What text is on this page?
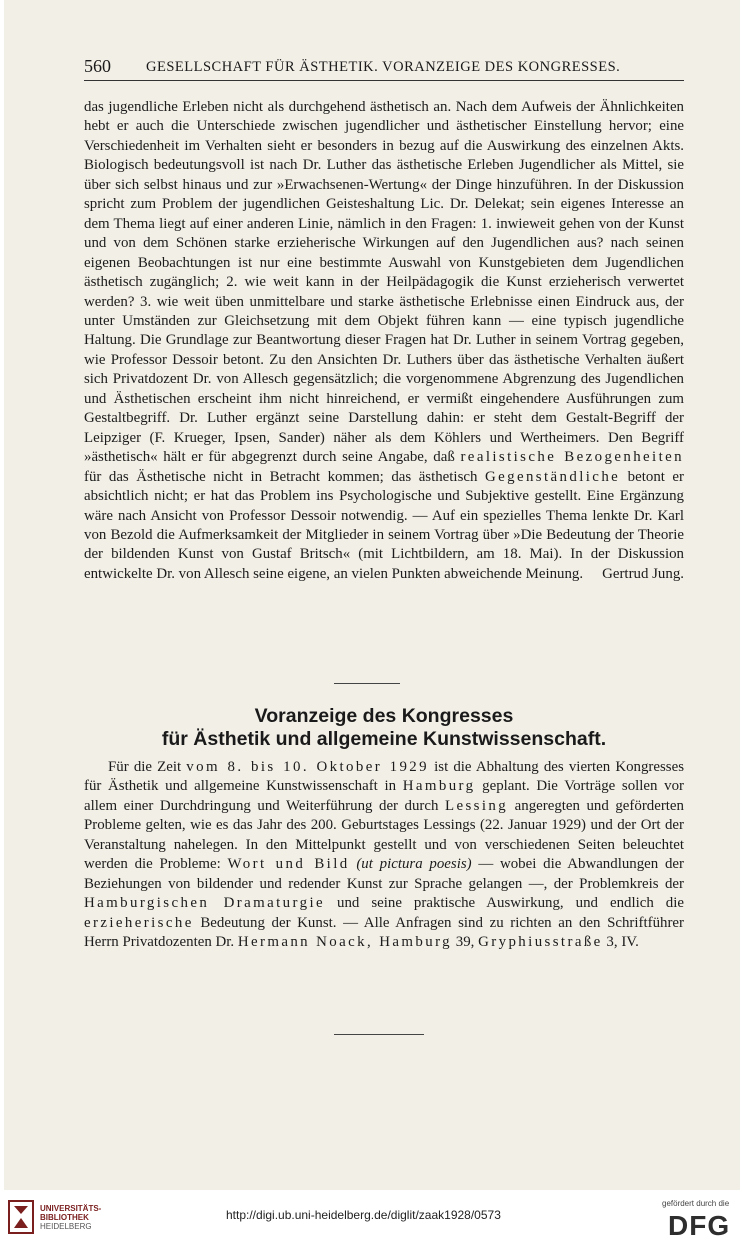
560 GESELLSCHAFT FÜR ÄSTHETIK. VORANZEIGE DES KONGRESSES.

das jugendliche Erleben nicht als durchgehend ästhetisch an. Nach dem Aufweis der Ähnlichkeiten hebt er auch die Unterschiede zwischen jugendlicher und ästhetischer Einstellung hervor; eine Verschiedenheit im Verhalten sieht er besonders in bezug auf die Auswirkung des einzelnen Akts. Biologisch bedeutungsvoll ist nach Dr. Luther das ästhetische Erleben Jugendlicher als Mittel, sie über sich selbst hinaus und zur »Erwachsenen-Wertung« der Dinge hinzuführen. In der Diskussion spricht zum Problem der jugendlichen Geisteshaltung Lic. Dr. Delekat; sein eigenes Interesse an dem Thema liegt auf einer anderen Linie, nämlich in den Fragen: 1. inwieweit gehen von der Kunst und von dem Schönen starke erzieherische Wirkungen auf den Jugendlichen aus? nach seinen eigenen Beobachtungen ist nur eine bestimmte Auswahl von Kunstgebieten dem Jugendlichen ästhetisch zugänglich; 2. wie weit kann in der Heilpädagogik die Kunst erzieherisch verwertet werden? 3. wie weit üben unmittelbare und starke ästhetische Erlebnisse einen Eindruck aus, der unter Umständen zur Gleichsetzung mit dem Objekt führen kann — eine typisch jugendliche Haltung. Die Grundlage zur Beantwortung dieser Fragen hat Dr. Luther in seinem Vortrag gegeben, wie Professor Dessoir betont. Zu den Ansichten Dr. Luthers über das ästhetische Verhalten äußert sich Privatdozent Dr. von Allesch gegensätzlich; die vorgenommene Abgrenzung des Jugendlichen und Ästhetischen erscheint ihm nicht hinreichend, er vermißt eingehendere Ausführungen zum Gestaltbegriff. Dr. Luther ergänzt seine Darstellung dahin: er steht dem Gestalt-Begriff der Leipziger (F. Krueger, Ipsen, Sander) näher als dem Köhlers und Wertheimers. Den Begriff »ästhetisch« hält er für abgegrenzt durch seine Angabe, daß realistische Bezogenheiten für das Ästhetische nicht in Betracht kommen; das ästhetisch Gegenständliche betont er absichtlich nicht; er hat das Problem ins Psychologische und Subjektive gestellt. Eine Ergänzung wäre nach Ansicht von Professor Dessoir notwendig. — Auf ein spezielles Thema lenkte Dr. Karl von Bezold die Aufmerksamkeit der Mitglieder in seinem Vortrag über »Die Bedeutung der Theorie der bildenden Kunst von Gustaf Britsch« (mit Lichtbildern, am 18. Mai). In der Diskussion entwickelte Dr. von Allesch seine eigene, an vielen Punkten abweichende Meinung. Gertrud Jung.

Voranzeige des Kongresses
für Ästhetik und allgemeine Kunstwissenschaft.

Für die Zeit vom 8. bis 10. Oktober 1929 ist die Abhaltung des vierten Kongresses für Ästhetik und allgemeine Kunstwissenschaft in Hamburg geplant. Die Vorträge sollen vor allem einer Durchdringung und Weiterführung der durch Lessing angeregten und geförderten Probleme gelten, wie es das Jahr des 200. Geburtstages Lessings (22. Januar 1929) und der Ort der Veranstaltung nahelegen. In den Mittelpunkt gestellt und von verschiedenen Seiten beleuchtet werden die Probleme: Wort und Bild (ut pictura poesis) — wobei die Abwandlungen der Beziehungen von bildender und redender Kunst zur Sprache gelangen —, der Problemkreis der Hamburgischen Dramaturgie und seine praktische Auswirkung, und endlich die erzieherische Bedeutung der Kunst. — Alle Anfragen sind zu richten an den Schriftführer Herrn Privatdozenten Dr. Hermann Noack, Hamburg 39, Gryphiusstraße 3, IV.

UNIVERSITÄTS-
BIBLIOTHEK
HEIDELBERG
http://digi.ub.uni-heidelberg.de/diglit/zaak1928/0573
gefördert durch die
DFG
